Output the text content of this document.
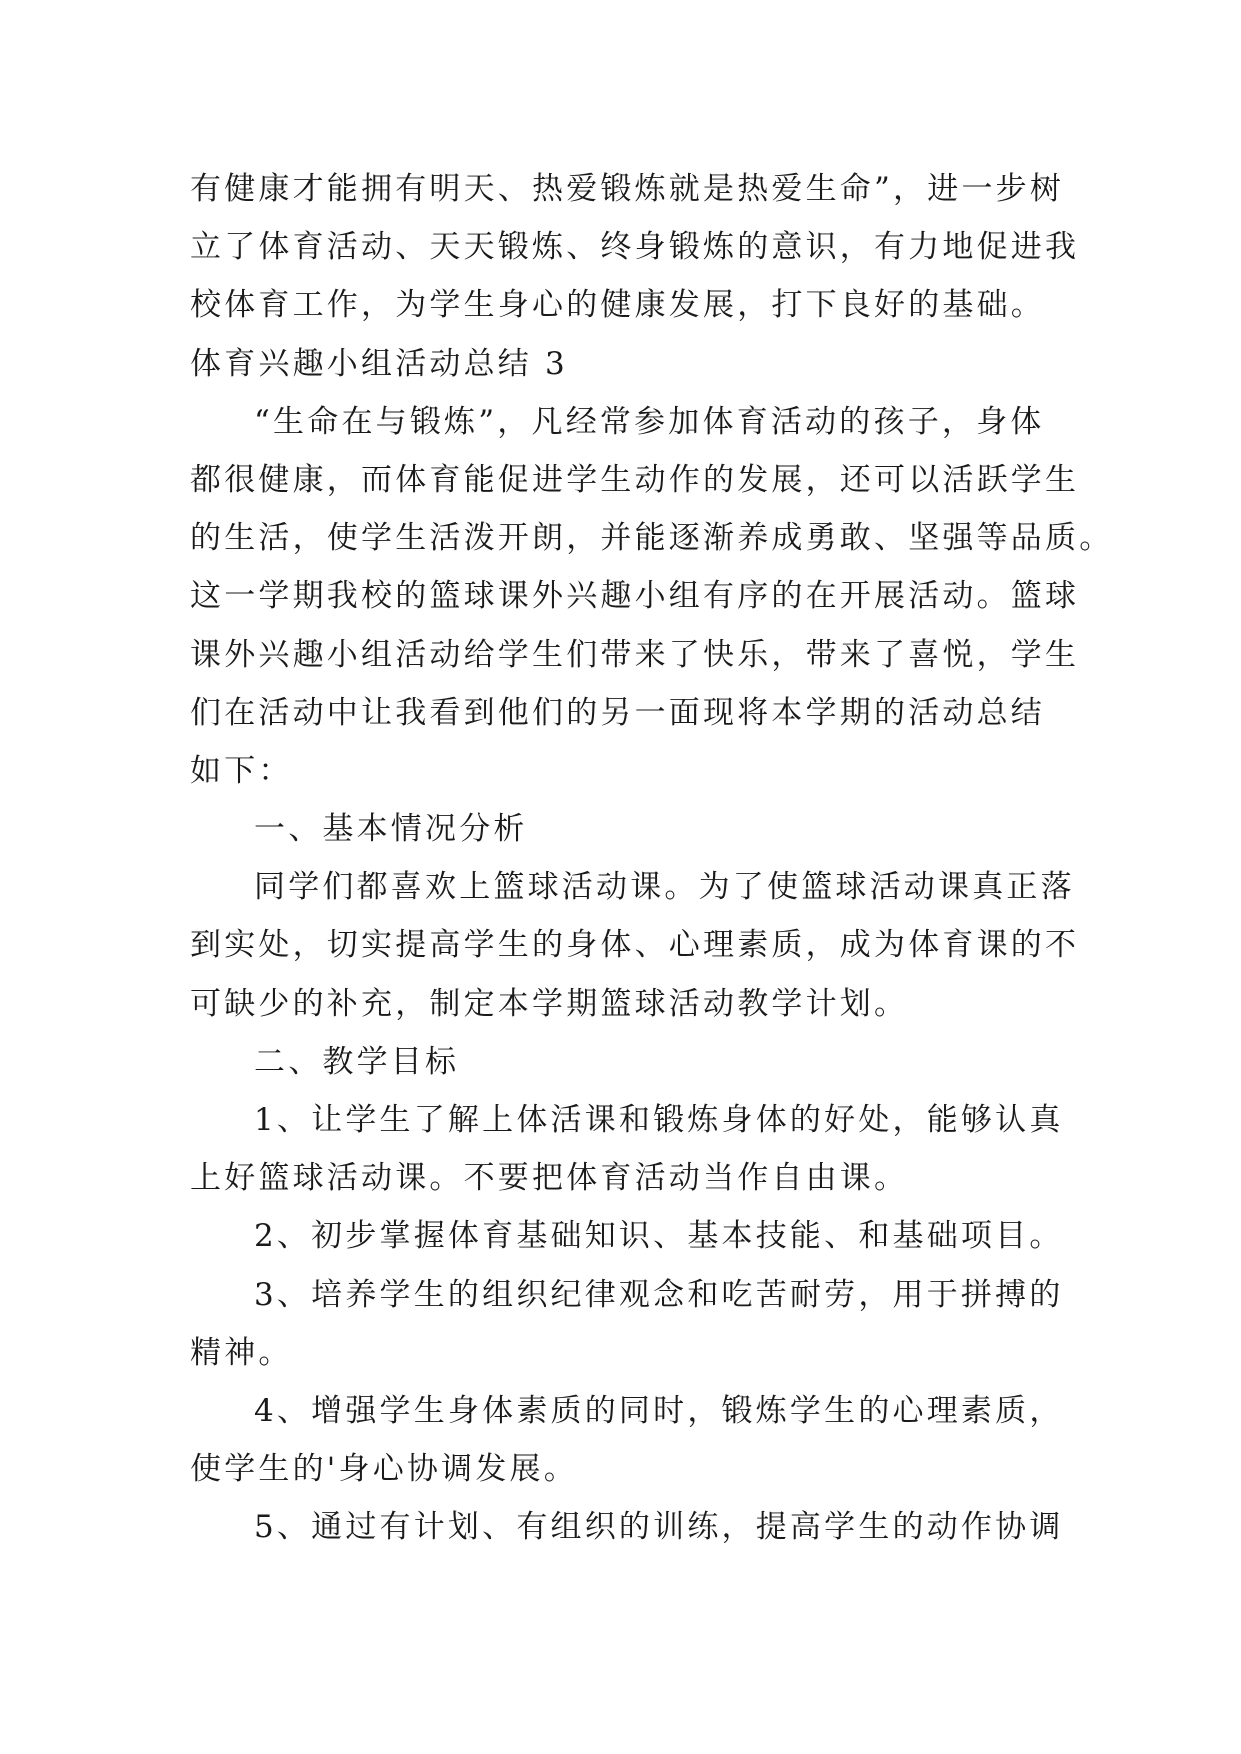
有健康才能拥有明天、热爱锻炼就是热爱生命”，进一步树
立了体育活动、天天锻炼、终身锻炼的意识，有力地促进我
校体育工作，为学生身心的健康发展，打下良好的基础。
体育兴趣小组活动总结 3
“生命在与锻炼”，凡经常参加体育活动的孩子，身体
都很健康，而体育能促进学生动作的发展，还可以活跃学生
的生活，使学生活泼开朗，并能逐渐养成勇敢、坚强等品质。
这一学期我校的篮球课外兴趣小组有序的在开展活动。篮球
课外兴趣小组活动给学生们带来了快乐，带来了喜悦，学生
们在活动中让我看到他们的另一面现将本学期的活动总结
如下：
一、基本情况分析
同学们都喜欢上篮球活动课。为了使篮球活动课真正落
到实处，切实提高学生的身体、心理素质，成为体育课的不
可缺少的补充，制定本学期篮球活动教学计划。
二、教学目标
1、让学生了解上体活课和锻炼身体的好处，能够认真
上好篮球活动课。不要把体育活动当作自由课。
2、初步掌握体育基础知识、基本技能、和基础项目。
3、培养学生的组织纪律观念和吃苦耐劳，用于拼搏的
精神。
4、增强学生身体素质的同时，锻炼学生的心理素质，
使学生的'身心协调发展。
5、通过有计划、有组织的训练，提高学生的动作协调
